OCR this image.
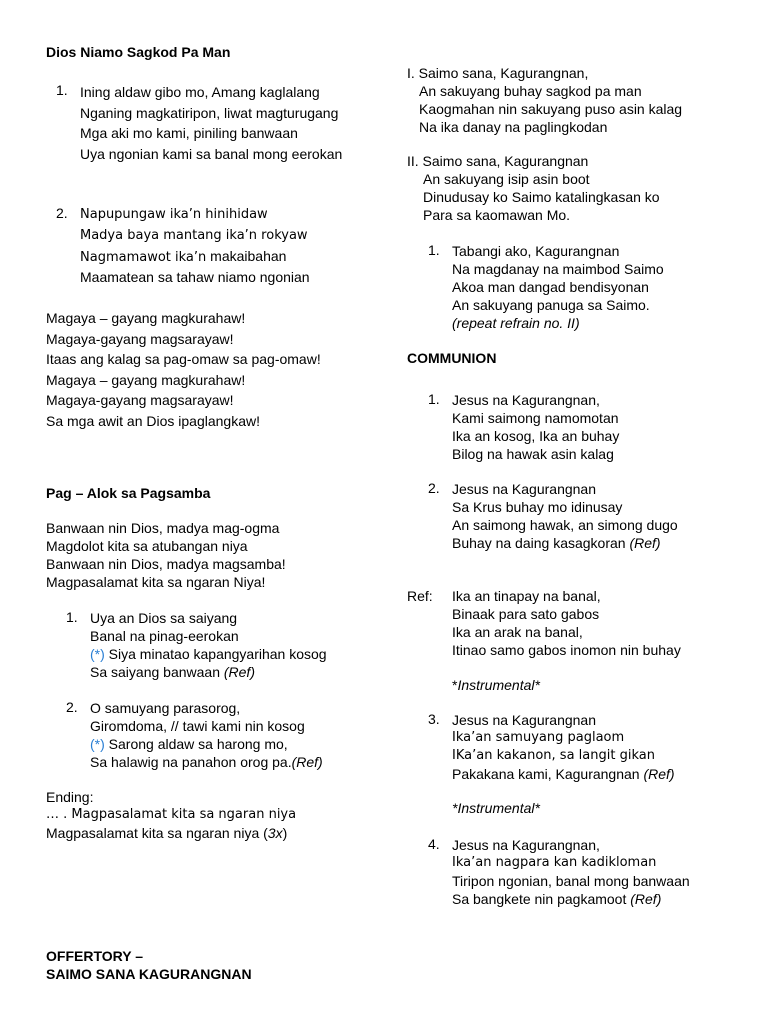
Dios Niamo Sagkod Pa Man
1. Ining aldaw gibo mo, Amang kaglalang
Nganing magkatiripon, liwat magturugang
Mga aki mo kami, piniling banwaan
Uya ngonian kami sa banal mong eerokan
2. Napupungaw ika’n hinihidaw
Madya baya mantang ika’n rokyaw
Nagmamawot ika’n makaibahan
Maamatean sa tahaw niamo ngonian
Magaya – gayang magkurahaw!
Magaya-gayang magsarayaw!
Itaas ang kalag sa pag-omaw sa pag-omaw!
Magaya – gayang magkurahaw!
Magaya-gayang magsarayaw!
Sa mga awit an Dios ipaglangkaw!
Pag – Alok sa Pagsamba
Banwaan nin Dios, madya mag-ogma
Magdolot kita sa atubangan niya
Banwaan nin Dios, madya magsamba!
Magpasalamat kita sa ngaran Niya!
1. Uya an Dios sa saiyang
Banal na pinag-eerokan
(*) Siya minatao kapangyarihan kosog
Sa saiyang banwaan (Ref)
2. O samuyang parasorog,
Giromdoma, // tawi kami nin kosog
(*) Sarong aldaw sa harong mo,
Sa halawig na panahon orog pa.(Ref)
Ending:
… . Magpasalamat kita sa ngaran niya
Magpasalamat kita sa ngaran niya (3x)
OFFERTORY –
SAIMO SANA KAGURANGNAN
I. Saimo sana, Kagurangnan,
An sakuyang buhay sagkod pa man
Kaogmahan nin sakuyang puso asin kalag
Na ika danay na paglingkodan
II. Saimo sana, Kagurangnan
An sakuyang isip asin boot
Dinudusay ko Saimo katalingkasan ko
Para sa kaomawan Mo.
1. Tabangi ako, Kagurangnan
Na magdanay na maimbod Saimo
Akoa man dangad bendisyonan
An sakuyang panuga sa Saimo.
(repeat refrain no. II)
COMMUNION
1. Jesus na Kagurangnan,
Kami saimong namomotan
Ika an kosog, Ika an buhay
Bilog na hawak asin kalag
2. Jesus na Kagurangnan
Sa Krus buhay mo idinusay
An saimong hawak, an simong dugo
Buhay na daing kasagkoran (Ref)
Ref: Ika an tinapay na banal,
Binaak para sato gabos
Ika an arak na banal,
Itinao samo gabos inomon nin buhay
*Instrumental*
3. Jesus na Kagurangnan
Ika’an samuyang paglaom
IKa’an kakanon, sa langit gikan
Pakakana kami, Kagurangnan (Ref)
*Instrumental*
4. Jesus na Kagurangnan,
Ika’an nagpara kan kadikloman
Tiripon ngonian, banal mong banwaan
Sa bangkete nin pagkamoot (Ref)
